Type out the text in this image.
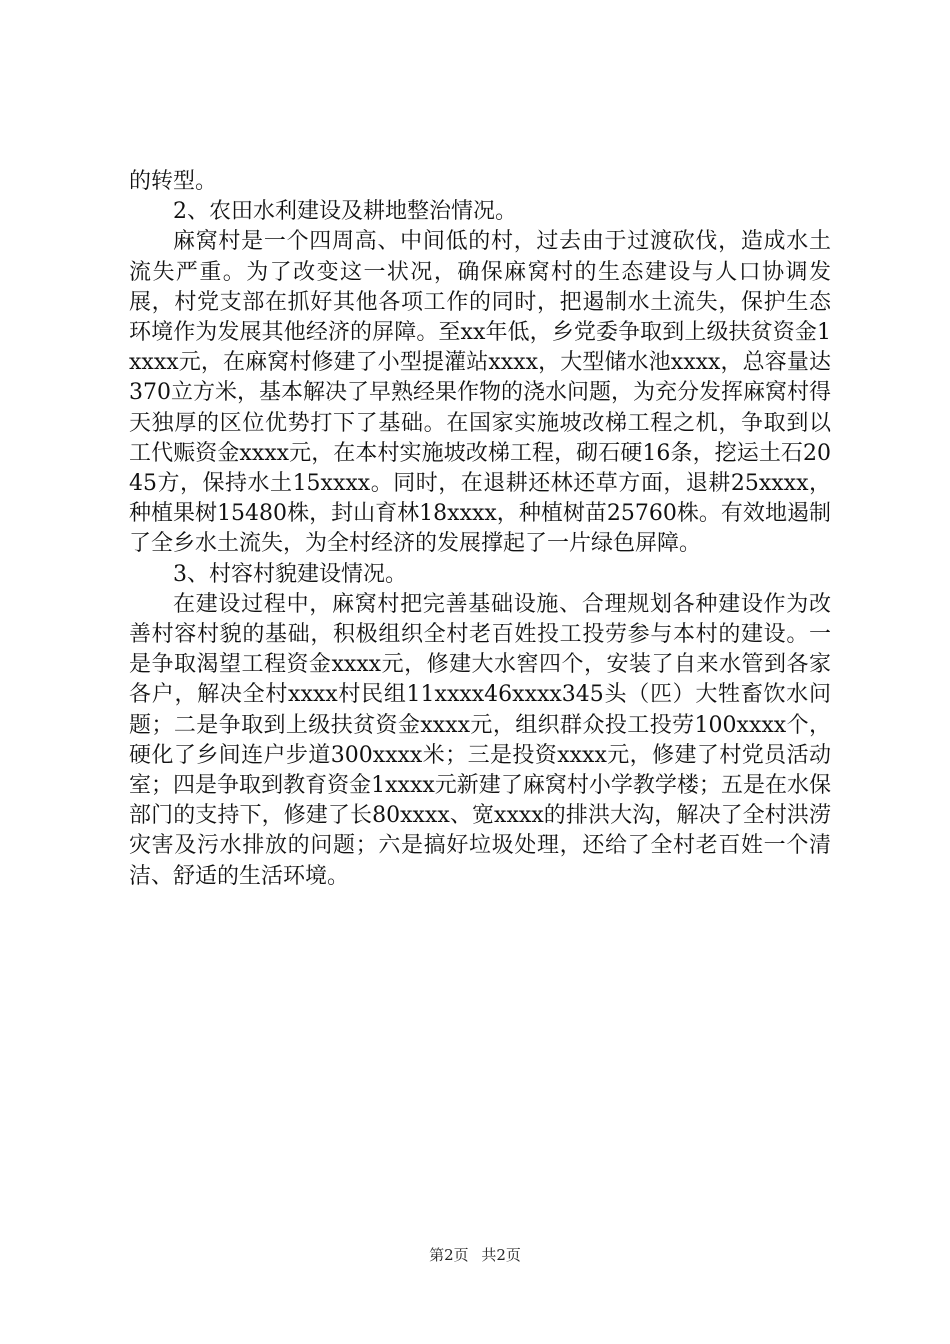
的转型。

2、农田水利建设及耕地整治情况。

麻窝村是一个四周高、中间低的村，过去由于过渡砍伐，造成水土流失严重。为了改变这一状况，确保麻窝村的生态建设与人口协调发展，村党支部在抓好其他各项工作的同时，把遏制水土流失，保护生态环境作为发展其他经济的屏障。至xx年低，乡党委争取到上级扶贫资金1xxxx元，在麻窝村修建了小型提灌站xxxx，大型储水池xxxx，总容量达370立方米，基本解决了早熟经果作物的浇水问题，为充分发挥麻窝村得天独厚的区位优势打下了基础。在国家实施坡改梯工程之机，争取到以工代赈资金xxxx元，在本村实施坡改梯工程，砌石硬16条，挖运土石2045方，保持水土15xxxx。同时，在退耕还林还草方面，退耕25xxxx，种植果树15480株，封山育林18xxxx，种植树苗25760株。有效地遏制了全乡水土流失，为全村经济的发展撑起了一片绿色屏障。

3、村容村貌建设情况。

在建设过程中，麻窝村把完善基础设施、合理规划各种建设作为改善村容村貌的基础，积极组织全村老百姓投工投劳参与本村的建设。一是争取渴望工程资金xxxx元，修建大水窖四个，安装了自来水管到各家各户，解决全村xxxx村民组11xxxx46xxxx345头（匹）大牲畜饮水问题；二是争取到上级扶贫资金xxxx元，组织群众投工投劳100xxxx个，硬化了乡间连户步道300xxxx米；三是投资xxxx元，修建了村党员活动室；四是争取到教育资金1xxxx元新建了麻窝村小学教学楼；五是在水保部门的支持下，修建了长80xxxx、宽xxxx的排洪大沟，解决了全村洪涝灾害及污水排放的问题；六是搞好垃圾处理，还给了全村老百姓一个清洁、舒适的生活环境。

第2页 共2页
